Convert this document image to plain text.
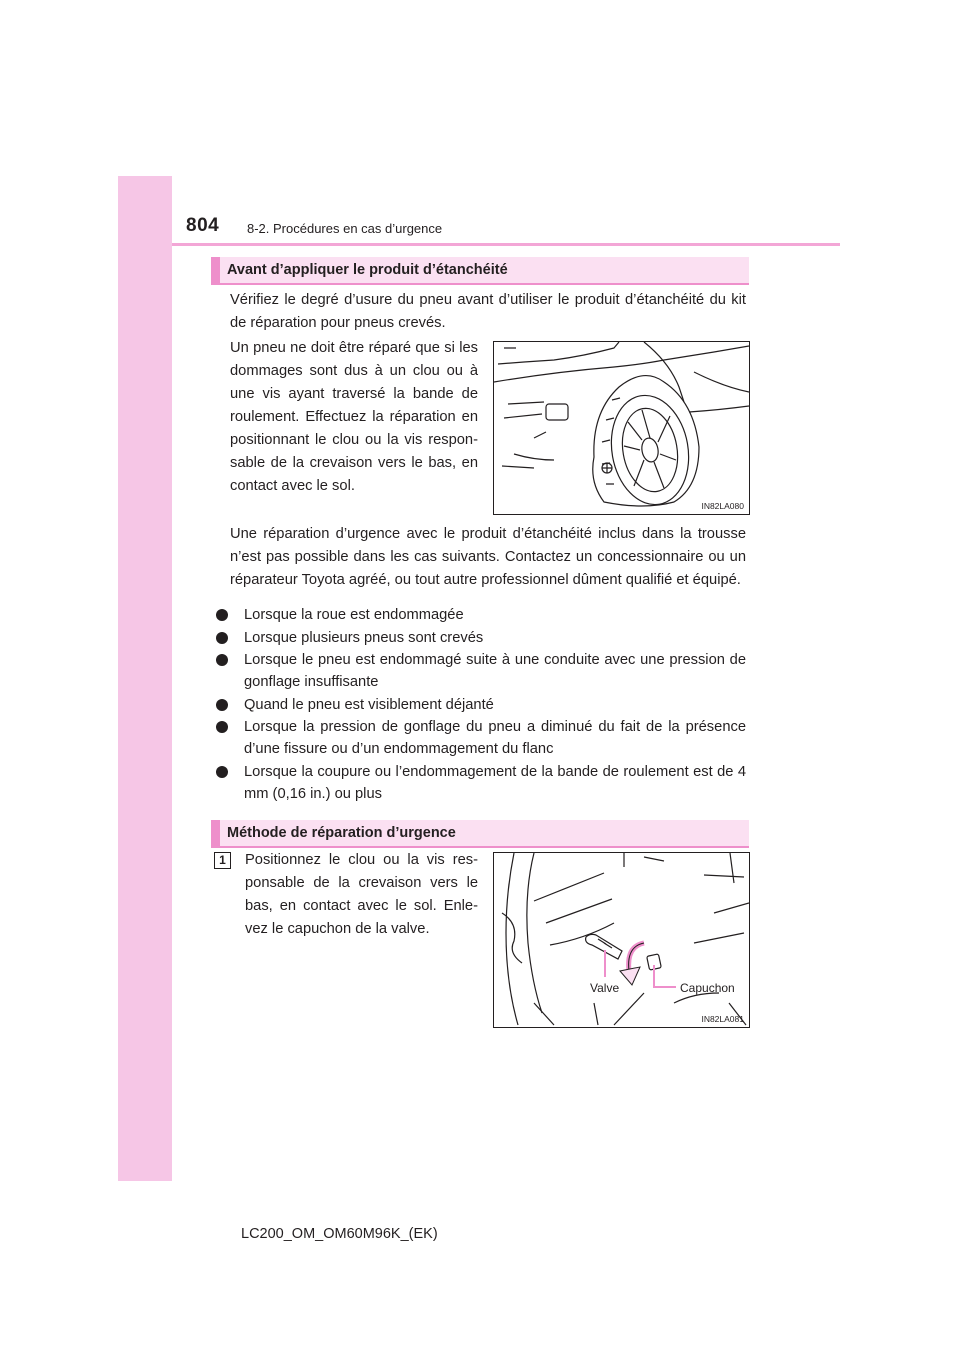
804 8-2. Procédures en cas d’urgence
Avant d’appliquer le produit d’étanchéité

Vérifiez le degré d’usure du pneu avant d’utiliser le produit d’étanchéité du kit de réparation pour pneus crevés.

Un pneu ne doit être réparé que si les dommages sont dus à un clou ou à une vis ayant traversé la bande de roulement. Effectuez la réparation en positionnant le clou ou la vis respon-sable de la crevaison vers le bas, en contact avec le sol.

IN82LA080

Une réparation d’urgence avec le produit d’étanchéité inclus dans la trousse n’est pas possible dans les cas suivants. Contactez un concessionnaire ou un réparateur Toyota agréé, ou tout autre professionnel dûment qualifié et équipé.

Lorsque la roue est endommagée
Lorsque plusieurs pneus sont crevés
Lorsque le pneu est endommagé suite à une conduite avec une pression de gonflage insuffisante
Quand le pneu est visiblement déjanté
Lorsque la pression de gonflage du pneu a diminué du fait de la présence d’une fissure ou d’un endommagement du flanc
Lorsque la coupure ou l’endommagement de la bande de roulement est de 4 mm (0,16 in.) ou plus
Méthode de réparation d’urgence
1	Positionnez le clou ou la vis res-ponsable de la crevaison vers le bas, en contact avec le sol. Enle-vez le capuchon de la valve.

Valve	Capuchon
IN82LA081
LC200_OM_OM60M96K_(EK)
